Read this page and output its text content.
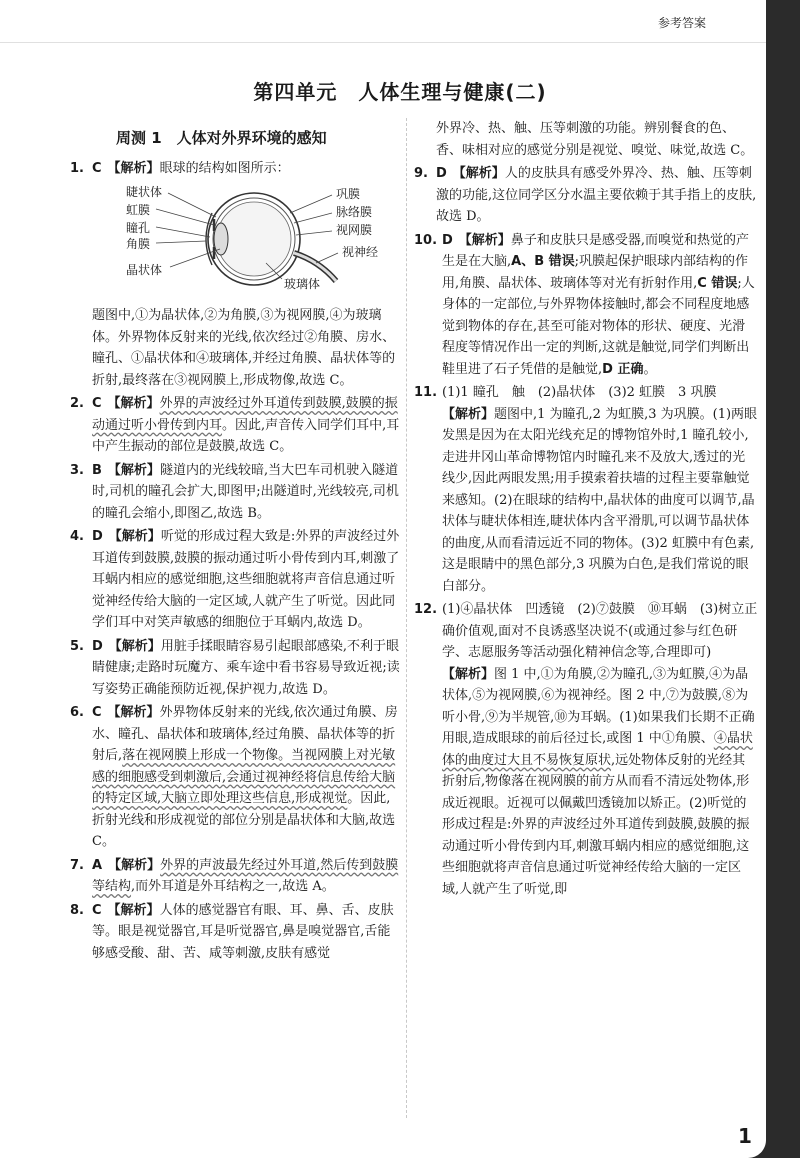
参考答案
第四单元　人体生理与健康(二)
周测 1　人体对外界环境的感知
1. C 【解析】眼球的结构如图所示：
睫状体
虹膜
瞳孔
角膜
晶状体
巩膜
脉络膜
视网膜
视神经
玻璃体

题图中,①为晶状体,②为角膜,③为视网膜,④为玻璃体。外界物体反射来的光线,依次经过②角膜、房水、瞳孔、①晶状体和④玻璃体,并经过角膜、晶状体等的折射,最终落在③视网膜上,形成物像,故选 C。

2. C 【解析】外界的声波经过外耳道传到鼓膜,鼓膜的振动通过听小骨传到内耳。因此,声音传入同学们耳中,耳中产生振动的部位是鼓膜,故选 C。
3. B 【解析】隧道内的光线较暗,当大巴车司机驶入隧道时,司机的瞳孔会扩大,即图甲;出隧道时,光线较亮,司机的瞳孔会缩小,即图乙,故选 B。
4. D 【解析】听觉的形成过程大致是:外界的声波经过外耳道传到鼓膜,鼓膜的振动通过听小骨传到内耳,刺激了耳蜗内相应的感觉细胞,这些细胞就将声音信息通过听觉神经传给大脑的一定区域,人就产生了听觉。因此同学们耳中对笑声敏感的细胞位于耳蜗内,故选 D。
5. D 【解析】用脏手揉眼睛容易引起眼部感染,不利于眼睛健康;走路时玩魔方、乘车途中看书容易导致近视;读写姿势正确能预防近视,保护视力,故选 D。
6. C 【解析】外界物体反射来的光线,依次通过角膜、房水、瞳孔、晶状体和玻璃体,经过角膜、晶状体等的折射后,落在视网膜上形成一个物像。当视网膜上对光敏感的细胞感受到刺激后,会通过视神经将信息传给大脑的特定区域,大脑立即处理这些信息,形成视觉。因此,折射光线和形成视觉的部位分别是晶状体和大脑,故选 C。
7. A 【解析】外界的声波最先经过外耳道,然后传到鼓膜等结构,而外耳道是外耳结构之一,故选 A。
8. C 【解析】人体的感觉器官有眼、耳、鼻、舌、皮肤等。眼是视觉器官,耳是听觉器官,鼻是嗅觉器官,舌能够感受酸、甜、苦、咸等刺激,皮肤有感觉
外界冷、热、触、压等刺激的功能。辨别餐食的色、香、味相对应的感觉分别是视觉、嗅觉、味觉,故选 C。
9. D 【解析】人的皮肤具有感受外界冷、热、触、压等刺激的功能,这位同学区分水温主要依赖于其手指上的皮肤,故选 D。
10. D 【解析】鼻子和皮肤只是感受器,而嗅觉和热觉的产生是在大脑,A、B 错误;巩膜起保护眼球内部结构的作用,角膜、晶状体、玻璃体等对光有折射作用,C 错误;人身体的一定部位,与外界物体接触时,都会不同程度地感觉到物体的存在,甚至可能对物体的形状、硬度、光滑程度等情况作出一定的判断,这就是触觉,同学们判断出鞋里进了石子凭借的是触觉,D 正确。
11. (1)1 瞳孔　触　(2)晶状体　(3)2 虹膜　3 巩膜

【解析】题图中,1 为瞳孔,2 为虹膜,3 为巩膜。(1)两眼发黑是因为在太阳光线充足的博物馆外时,1 瞳孔较小,走进井冈山革命博物馆内时瞳孔来不及放大,透过的光线少,因此两眼发黑;用手摸索着扶墙的过程主要靠触觉来感知。(2)在眼球的结构中,晶状体的曲度可以调节,晶状体与睫状体相连,睫状体内含平滑肌,可以调节晶状体的曲度,从而看清远近不同的物体。(3)2 虹膜中有色素,这是眼睛中的黑色部分,3 巩膜为白色,是我们常说的眼白部分。

12. (1)④晶状体　凹透镜　(2)⑦鼓膜　⑩耳蜗　(3)树立正确价值观,面对不良诱惑坚决说不(或通过参与红色研学、志愿服务等活动强化精神信念等,合理即可)

【解析】图 1 中,①为角膜,②为瞳孔,③为虹膜,④为晶状体,⑤为视网膜,⑥为视神经。图 2 中,⑦为鼓膜,⑧为听小骨,⑨为半规管,⑩为耳蜗。(1)如果我们长期不正确用眼,造成眼球的前后径过长,或图 1 中①角膜、④晶状体的曲度过大且不易恢复原状,远处物体反射的光经其折射后,物像落在视网膜的前方从而看不清远处物体,形成近视眼。近视可以佩戴凹透镜加以矫正。(2)听觉的形成过程是:外界的声波经过外耳道传到鼓膜,鼓膜的振动通过听小骨传到内耳,刺激耳蜗内相应的感觉细胞,这些细胞就将声音信息通过听觉神经传给大脑的一定区域,人就产生了听觉,即

1
